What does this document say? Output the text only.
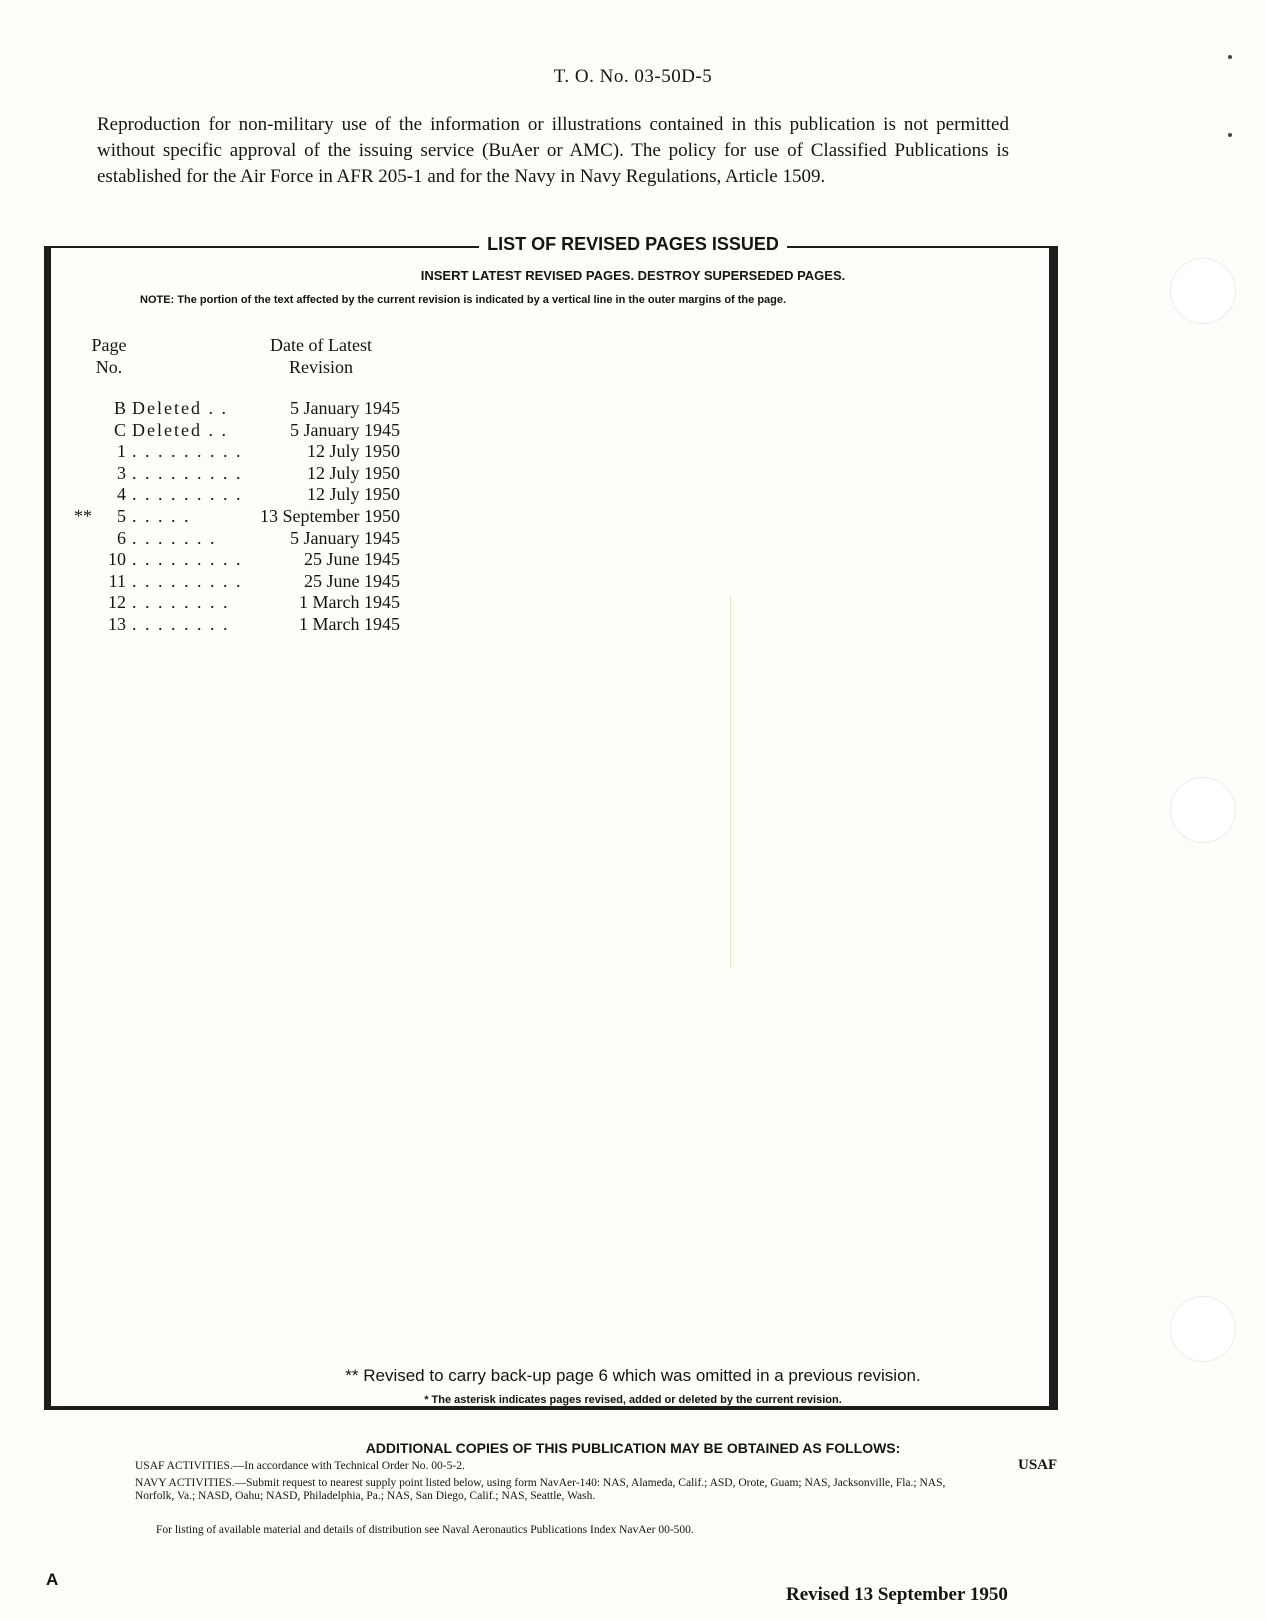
T. O. No. 03-50D-5

Reproduction for non-military use of the information or illustrations contained in this publication is not permitted without specific approval of the issuing service (BuAer or AMC). The policy for use of Classified Publications is established for the Air Force in AFR 205-1 and for the Navy in Navy Regulations, Article 1509.

LIST OF REVISED PAGES ISSUED
INSERT LATEST REVISED PAGES. DESTROY SUPERSEDED PAGES.
NOTE: The portion of the text affected by the current revision is indicated by a vertical line in the outer margins of the page.
Page
No.
Date of Latest
Revision
B Deleted . .	5 January 1945
C Deleted . .	5 January 1945
1 . . . . . . . . .	12 July 1950
3 . . . . . . . . .	12 July 1950
4 . . . . . . . . .	12 July 1950
**	5 . . . . .	13 September 1950
6 . . . . . . .	5 January 1945
10 . . . . . . . . .	25 June 1945
11 . . . . . . . . .	25 June 1945
12 . . . . . . . .	1 March 1945
13 . . . . . . . .	1 March 1945
** Revised to carry back-up page 6 which was omitted in a previous revision.
* The asterisk indicates pages revised, added or deleted by the current revision.
ADDITIONAL COPIES OF THIS PUBLICATION MAY BE OBTAINED AS FOLLOWS:
USAF ACTIVITIES.—In accordance with Technical Order No. 00-5-2.	USAF
NAVY ACTIVITIES.—Submit request to nearest supply point listed below, using form NavAer-140: NAS, Alameda, Calif.; ASD, Orote, Guam; NAS, Jacksonville, Fla.; NAS, Norfolk, Va.; NASD, Oahu; NASD, Philadelphia, Pa.; NAS, San Diego, Calif.; NAS, Seattle, Wash.
For listing of available material and details of distribution see Naval Aeronautics Publications Index NavAer 00-500.
A
Revised 13 September 1950
